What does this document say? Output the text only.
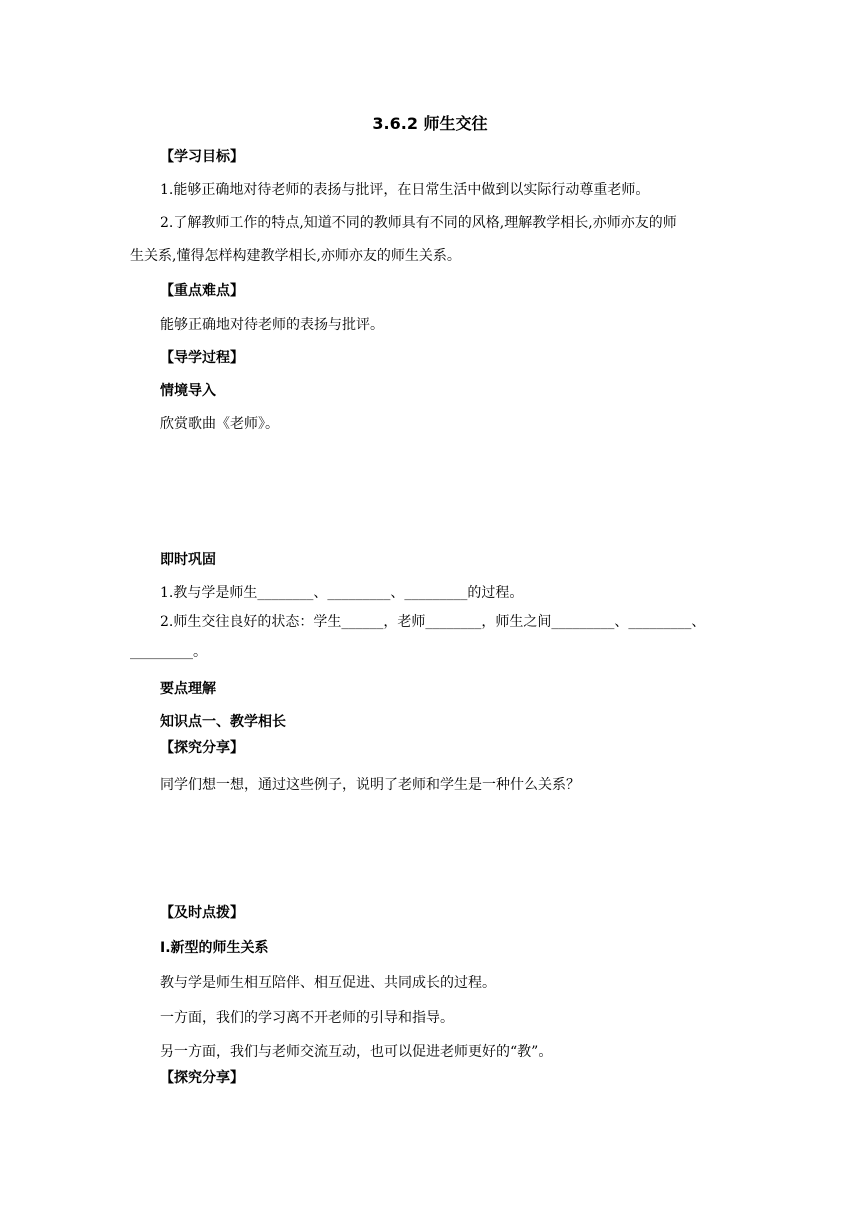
3.6.2 师生交往
【学习目标】
1.能够正确地对待老师的表扬与批评，在日常生活中做到以实际行动尊重老师。
2.了解教师工作的特点,知道不同的教师具有不同的风格,理解教学相长,亦师亦友的师
生关系,懂得怎样构建教学相长,亦师亦友的师生关系。
【重点难点】
能够正确地对待老师的表扬与批评。
【导学过程】
情境导入
欣赏歌曲《老师》。
即时巩固
1.教与学是师生________、_________、_________的过程。
2.师生交往良好的状态：学生______，老师________，师生之间_________、_________、
_________。
要点理解
知识点一、教学相长
【探究分享】
同学们想一想，通过这些例子，说明了老师和学生是一种什么关系？
【及时点拨】
Ⅰ.新型的师生关系
教与学是师生相互陪伴、相互促进、共同成长的过程。
一方面，我们的学习离不开老师的引导和指导。
另一方面，我们与老师交流互动，也可以促进老师更好的“教”。
【探究分享】
